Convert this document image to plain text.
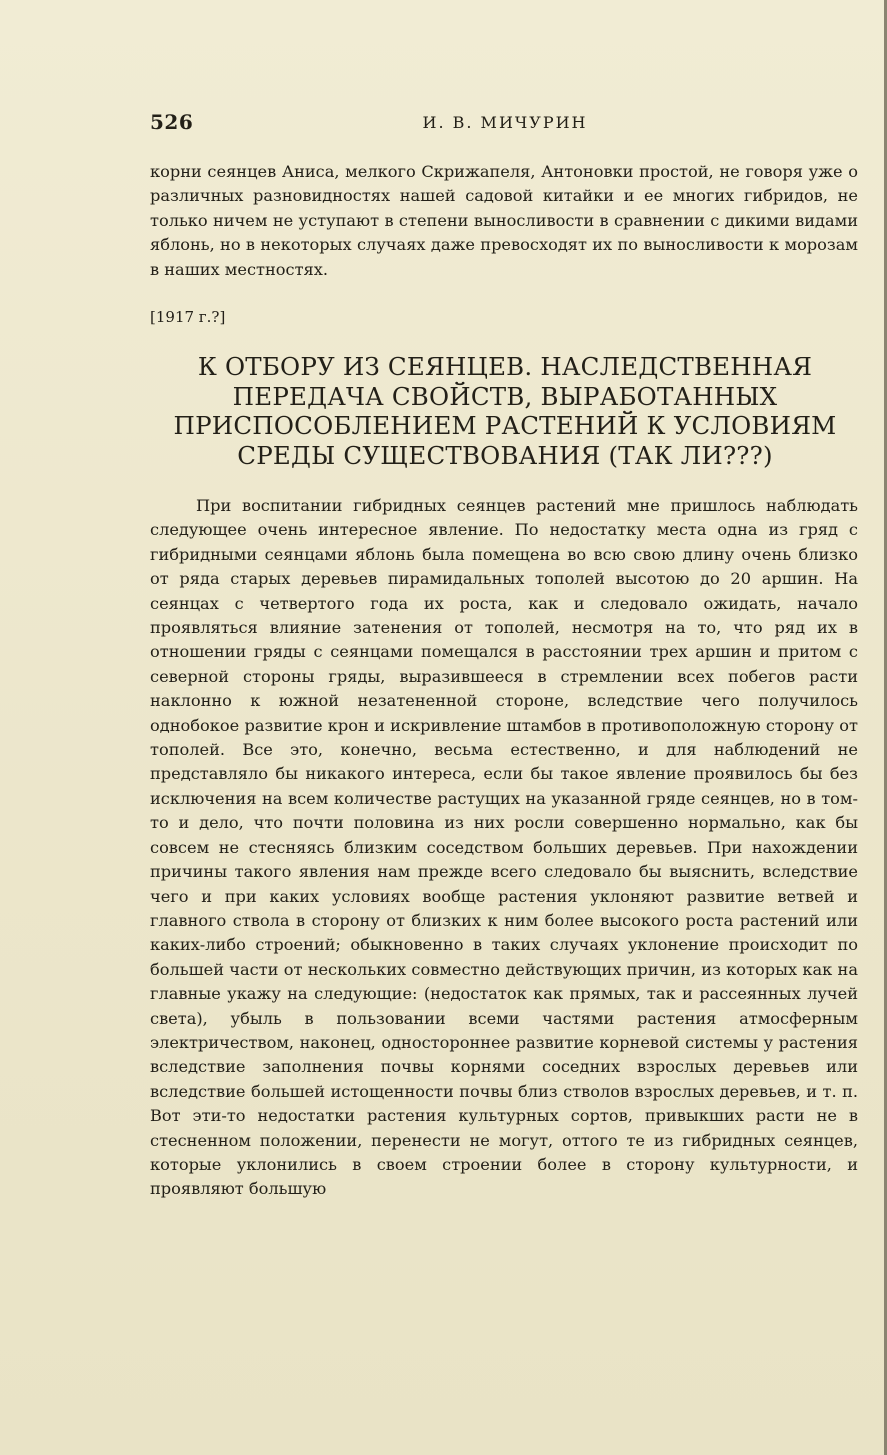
526	И. В. МИЧУРИН

корни сеянцев Аниса, мелкого Скрижапеля, Антоновки простой, не говоря уже о различных разновидностях нашей садовой китайки и ее многих гибридов, не только ничем не уступают в степени выносливости в сравнении с дикими видами яблонь, но в некоторых случаях даже превосходят их по выносливости к морозам в наших местностях.

[1917 г.?]
К ОТБОРУ ИЗ СЕЯНЦЕВ. НАСЛЕДСТВЕННАЯ
ПЕРЕДАЧА СВОЙСТВ, ВЫРАБОТАННЫХ
ПРИСПОСОБЛЕНИЕМ РАСТЕНИЙ К УСЛОВИЯМ
СРЕДЫ СУЩЕСТВОВАНИЯ (ТАК ЛИ???)

При воспитании гибридных сеянцев растений мне пришлось наблюдать следующее очень интересное явление. По недостатку места одна из гряд с гибридными сеянцами яблонь была помещена во всю свою длину очень близко от ряда старых деревьев пирамидальных тополей высотою до 20 аршин. На сеянцах с четвертого года их роста, как и следовало ожидать, начало проявляться влияние затенения от тополей, несмотря на то, что ряд их в отношении гряды с сеянцами помещался в расстоянии трех аршин и притом с северной стороны гряды, выразившееся в стремлении всех побегов расти наклонно к южной незатененной стороне, вследствие чего получилось однобокое развитие крон и искривление штамбов в противоположную сторону от тополей. Все это, конечно, весьма естественно, и для наблюдений не представляло бы никакого интереса, если бы такое явление проявилось бы без исключения на всем количестве растущих на указанной гряде сеянцев, но в том-то и дело, что почти половина из них росли совершенно нормально, как бы совсем не стесняясь близким соседством больших деревьев. При нахождении причины такого явления нам прежде всего следовало бы выяснить, вследствие чего и при каких условиях вообще растения уклоняют развитие ветвей и главного ствола в сторону от близких к ним более высокого роста растений или каких-либо строений; обыкновенно в таких случаях уклонение происходит по большей части от нескольких совместно действующих причин, из которых как на главные укажу на следующие: (недостаток как прямых, так и рассеянных лучей света), убыль в пользовании всеми частями растения атмосферным электричеством, наконец, одностороннее развитие корневой системы у растения вследствие заполнения почвы корнями соседних взрослых деревьев или вследствие большей истощенности почвы близ стволов взрослых деревьев, и т. п. Вот эти-то недостатки растения культурных сортов, привыкших расти не в стесненном положении, перенести не могут, оттого те из гибридных сеянцев, которые уклонились в своем строении более в сторону культурности, и проявляют большую
